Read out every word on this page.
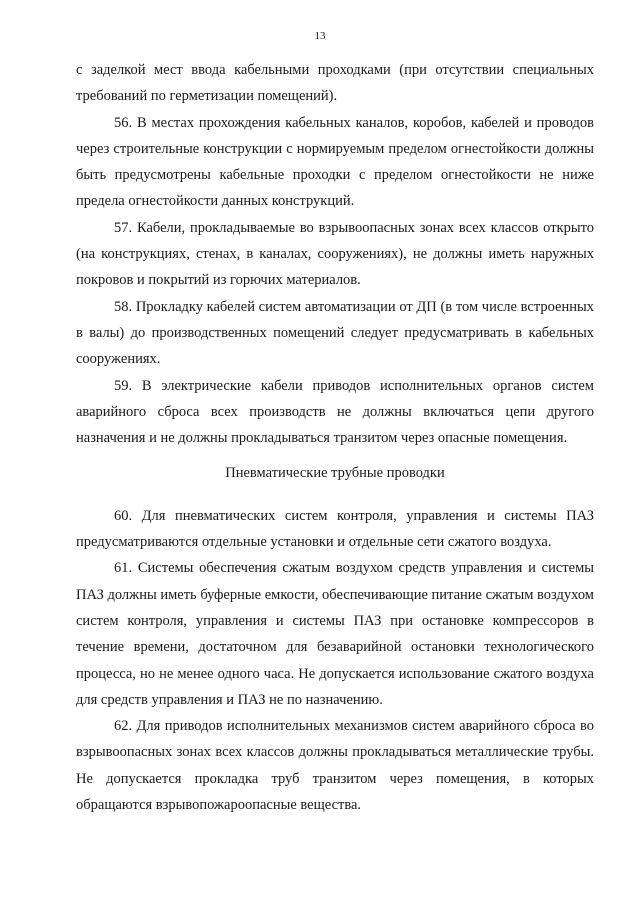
13

с заделкой мест ввода кабельными проходками (при отсутствии специальных требований по герметизации помещений).

56. В местах прохождения кабельных каналов, коробов, кабелей и проводов через строительные конструкции с нормируемым пределом огнестойкости должны быть предусмотрены кабельные проходки с пределом огнестойкости не ниже предела огнестойкости данных конструкций.

57. Кабели, прокладываемые во взрывоопасных зонах всех классов открыто (на конструкциях, стенах, в каналах, сооружениях), не должны иметь наружных покровов и покрытий из горючих материалов.

58. Прокладку кабелей систем автоматизации от ДП (в том числе встроенных в валы) до производственных помещений следует предусматривать в кабельных сооружениях.

59. В электрические кабели приводов исполнительных органов систем аварийного сброса всех производств не должны включаться цепи другого назначения и не должны прокладываться транзитом через опасные помещения.

Пневматические трубные проводки

60. Для пневматических систем контроля, управления и системы ПАЗ предусматриваются отдельные установки и отдельные сети сжатого воздуха.

61. Системы обеспечения сжатым воздухом средств управления и системы ПАЗ должны иметь буферные емкости, обеспечивающие питание сжатым воздухом систем контроля, управления и системы ПАЗ при остановке компрессоров в течение времени, достаточном для безаварийной остановки технологического процесса, но не менее одного часа. Не допускается использование сжатого воздуха для средств управления и ПАЗ не по назначению.

62. Для приводов исполнительных механизмов систем аварийного сброса во взрывоопасных зонах всех классов должны прокладываться металлические трубы. Не допускается прокладка труб транзитом через помещения, в которых обращаются взрывопожароопасные вещества.
